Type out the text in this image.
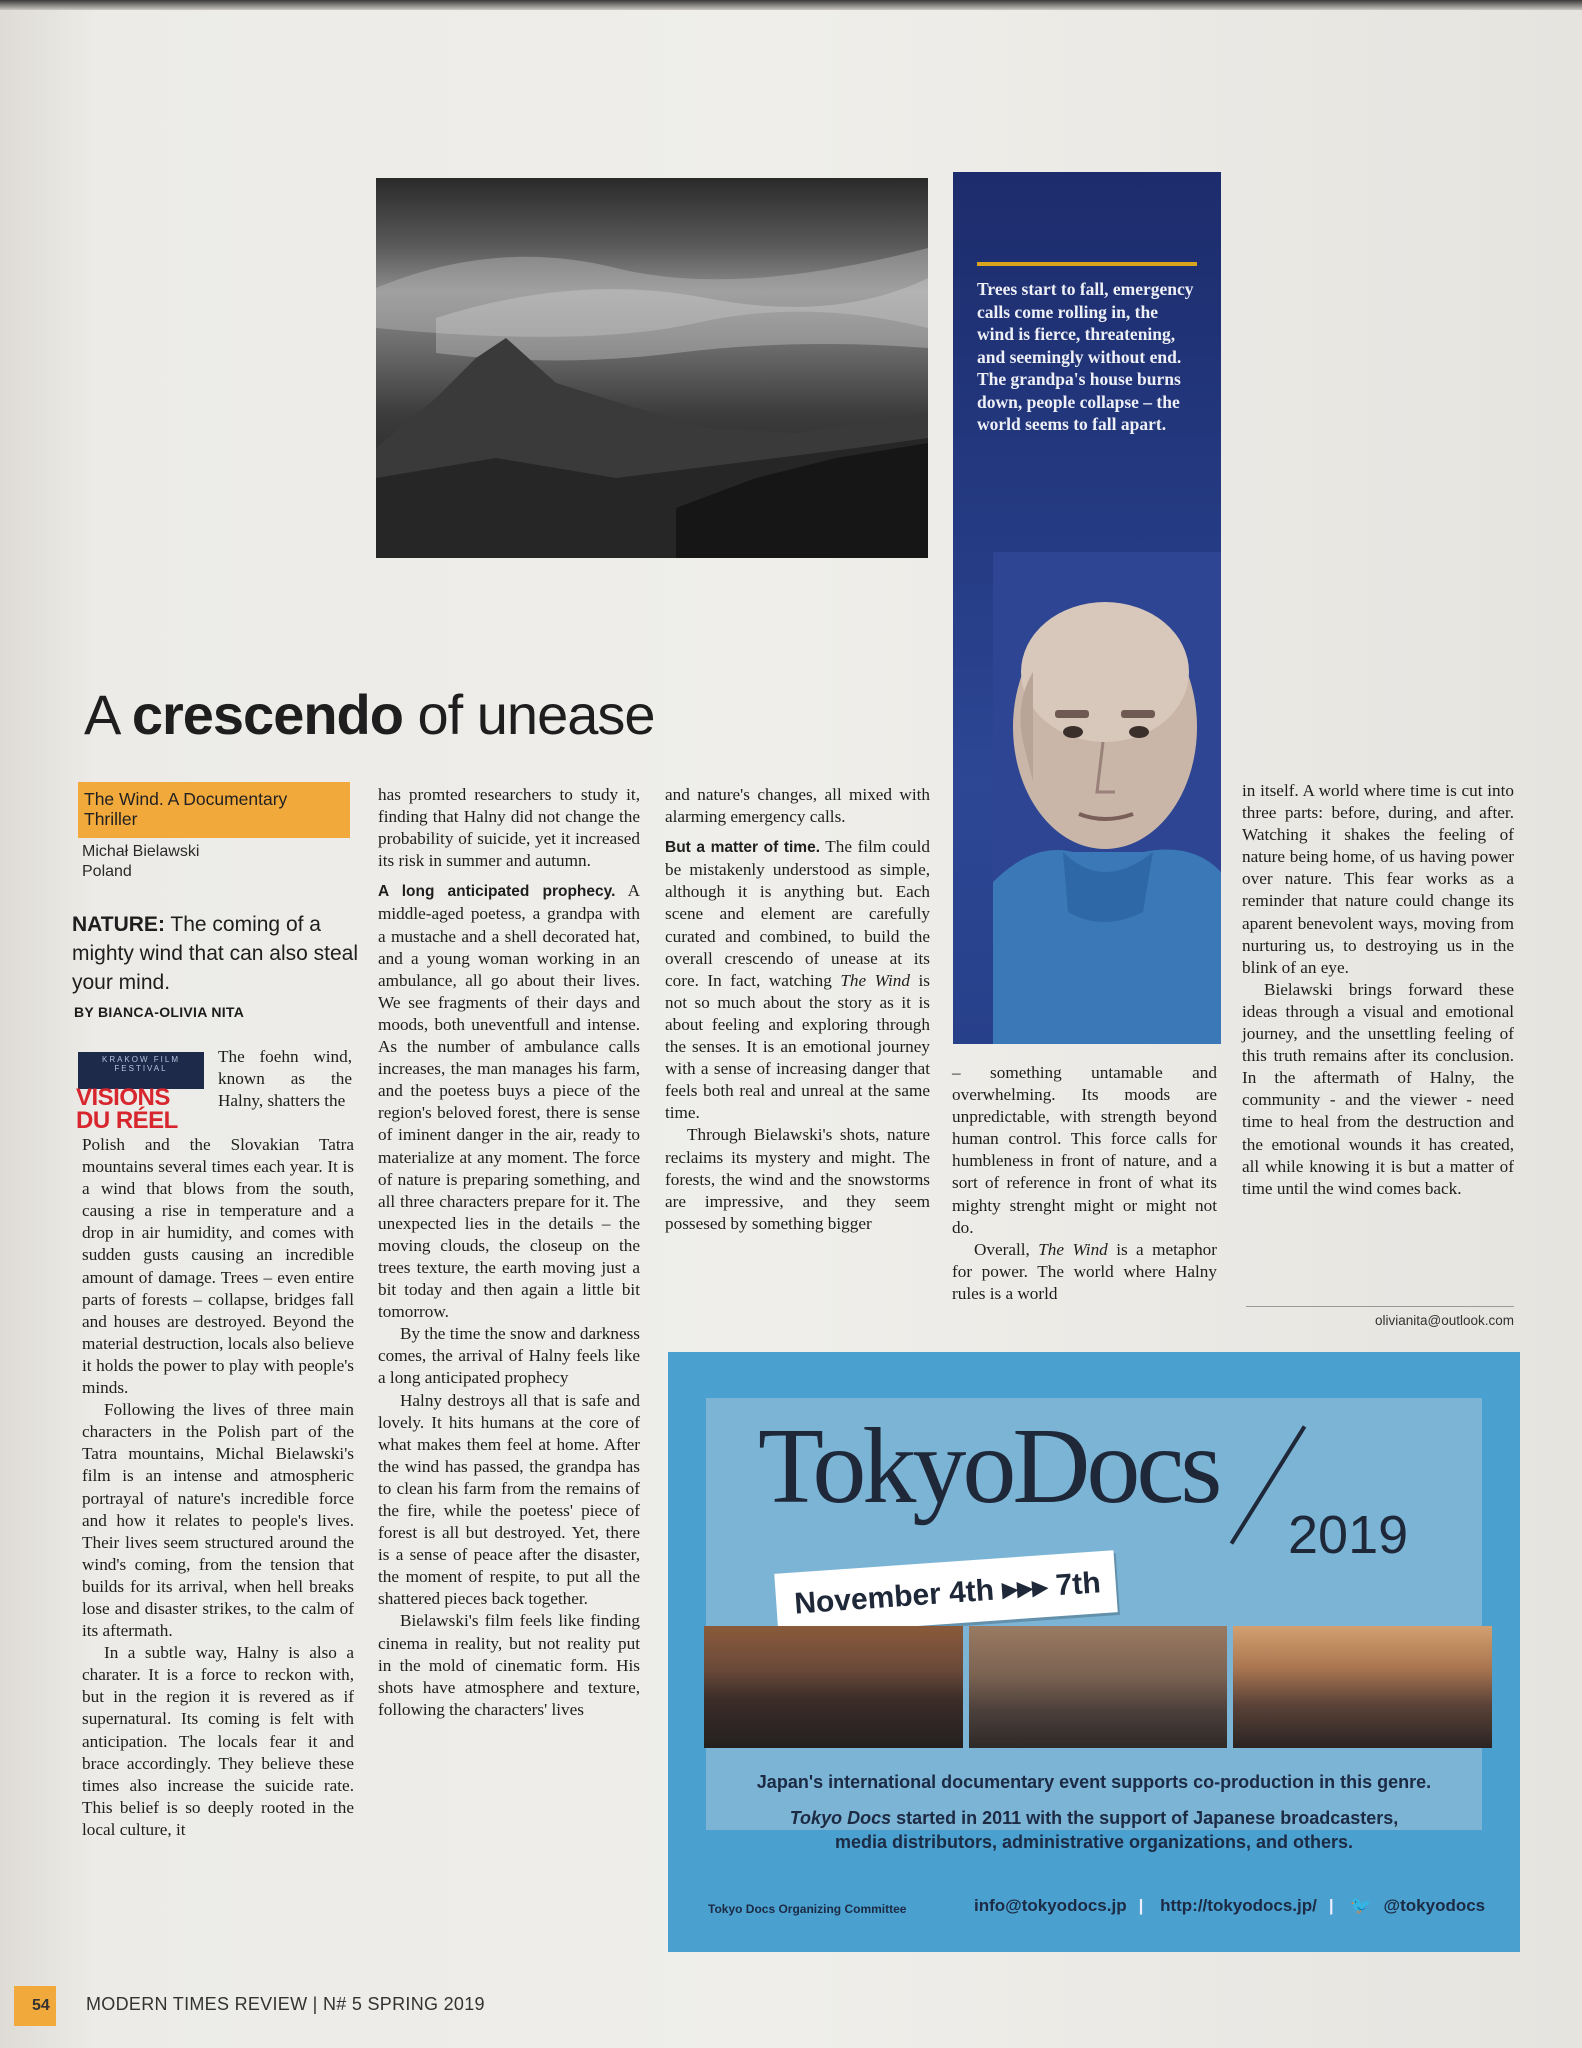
Trees start to fall, emergency calls come rolling in, the wind is fierce, threatening, and seemingly without end. The grandpa's house burns down, people collapse – the world seems to fall apart.
A crescendo of unease
The Wind. A Documentary Thriller
Michał Bielawski
Poland
NATURE: The coming of a mighty wind that can also steal your mind.
BY BIANCA-OLIVIA NITA
KRAKOW FILM FESTIVAL
VISIONS DU RÉEL

The foehn wind, known as the Halny, shatters the

Polish and the Slovakian Tatra mountains several times each year. It is a wind that blows from the south, causing a rise in temperature and a drop in air humidity, and comes with sudden gusts causing an incredible amount of damage. Trees – even entire parts of forests – collapse, bridges fall and houses are destroyed. Beyond the material destruction, locals also believe it holds the power to play with people's minds.

Following the lives of three main characters in the Polish part of the Tatra mountains, Michal Bielawski's film is an intense and atmospheric portrayal of nature's incredible force and how it relates to people's lives. Their lives seem structured around the wind's coming, from the tension that builds for its arrival, when hell breaks lose and disaster strikes, to the calm of its aftermath.

In a subtle way, Halny is also a charater. It is a force to reckon with, but in the region it is revered as if supernatural. Its coming is felt with anticipation. The locals fear it and brace accordingly. They believe these times also increase the suicide rate. This belief is so deeply rooted in the local culture, it

has promted researchers to study it, finding that Halny did not change the probability of suicide, yet it increased its risk in summer and autumn.

A long anticipated prophecy. A middle-aged poetess, a grandpa with a mustache and a shell decorated hat, and a young woman working in an ambulance, all go about their lives. We see fragments of their days and moods, both uneventfull and intense. As the number of ambulance calls increases, the man manages his farm, and the poetess buys a piece of the region's beloved forest, there is sense of iminent danger in the air, ready to materialize at any moment. The force of nature is preparing something, and all three characters prepare for it. The unexpected lies in the details – the moving clouds, the closeup on the trees texture, the earth moving just a bit today and then again a little bit tomorrow.

By the time the snow and darkness comes, the arrival of Halny feels like a long anticipated prophecy

Halny destroys all that is safe and lovely. It hits humans at the core of what makes them feel at home. After the wind has passed, the grandpa has to clean his farm from the remains of the fire, while the poetess' piece of forest is all but destroyed. Yet, there is a sense of peace after the disaster, the moment of respite, to put all the shattered pieces back together.

Bielawski's film feels like finding cinema in reality, but not reality put in the mold of cinematic form. His shots have atmosphere and texture, following the characters' lives

and nature's changes, all mixed with alarming emergency calls.

But a matter of time. The film could be mistakenly understood as simple, although it is anything but. Each scene and element are carefully curated and combined, to build the overall crescendo of unease at its core. In fact, watching The Wind is not so much about the story as it is about feeling and exploring through the senses. It is an emotional journey with a sense of increasing danger that feels both real and unreal at the same time.

Through Bielawski's shots, nature reclaims its mystery and might. The forests, the wind and the snowstorms are impressive, and they seem possesed by something bigger

– something untamable and overwhelming. Its moods are unpredictable, with strength beyond human control. This force calls for humbleness in front of nature, and a sort of reference in front of what its mighty strenght might or might not do.

Overall, The Wind is a metaphor for power. The world where Halny rules is a world

in itself. A world where time is cut into three parts: before, during, and after. Watching it shakes the feeling of nature being home, of us having power over nature. This fear works as a reminder that nature could change its aparent benevolent ways, moving from nurturing us, to destroying us in the blink of an eye.

Bielawski brings forward these ideas through a visual and emotional journey, and the unsettling feeling of this truth remains after its conclusion. In the aftermath of Halny, the community - and the viewer - need time to heal from the destruction and the emotional wounds it has created, all while knowing it is but a matter of time until the wind comes back.

olivianita@outlook.com
TokyoDocs
2019
November 4th ▸▸▸ 7th
Japan's international documentary event supports co-production in this genre.
Tokyo Docs started in 2011 with the support of Japanese broadcasters,
media distributors, administrative organizations, and others.
Tokyo Docs Organizing Committee	info@tokyodocs.jp | http://tokyodocs.jp/ | 🐦 @tokyodocs
54	MODERN TIMES REVIEW | N# 5 SPRING 2019
